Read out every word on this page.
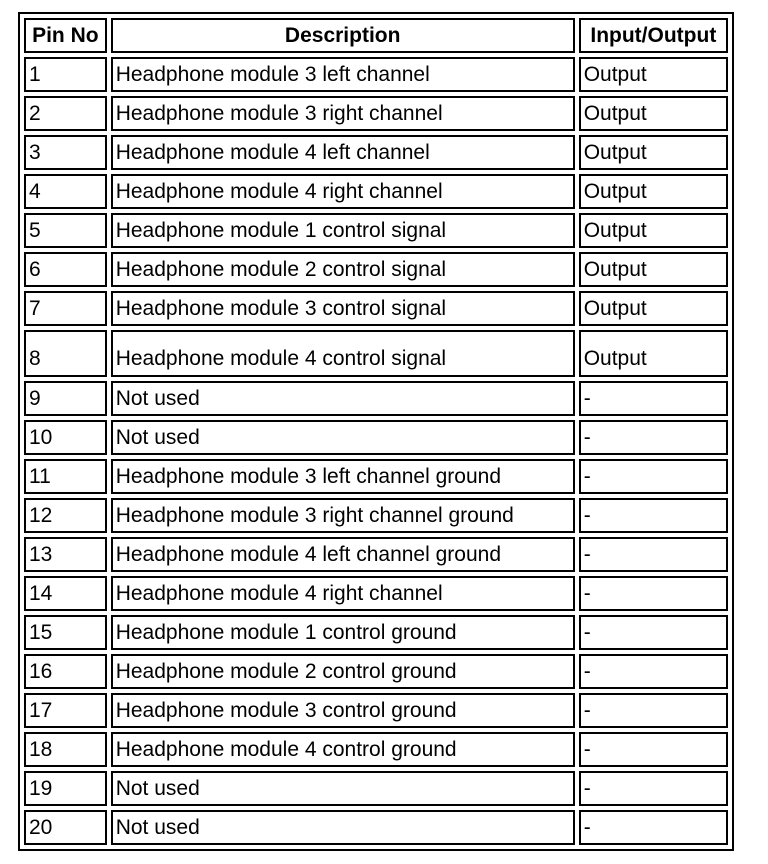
Pin No	Description	Input/Output
1	Headphone module 3 left channel	Output
2	Headphone module 3 right channel	Output
3	Headphone module 4 left channel	Output
4	Headphone module 4 right channel	Output
5	Headphone module 1 control signal	Output
6	Headphone module 2 control signal	Output
7	Headphone module 3 control signal	Output
8	Headphone module 4 control signal	Output
9	Not used	-
10	Not used	-
11	Headphone module 3 left channel ground	-
12	Headphone module 3 right channel ground	-
13	Headphone module 4 left channel ground	-
14	Headphone module 4 right channel	-
15	Headphone module 1 control ground	-
16	Headphone module 2 control ground	-
17	Headphone module 3 control ground	-
18	Headphone module 4 control ground	-
19	Not used	-
20	Not used	-
